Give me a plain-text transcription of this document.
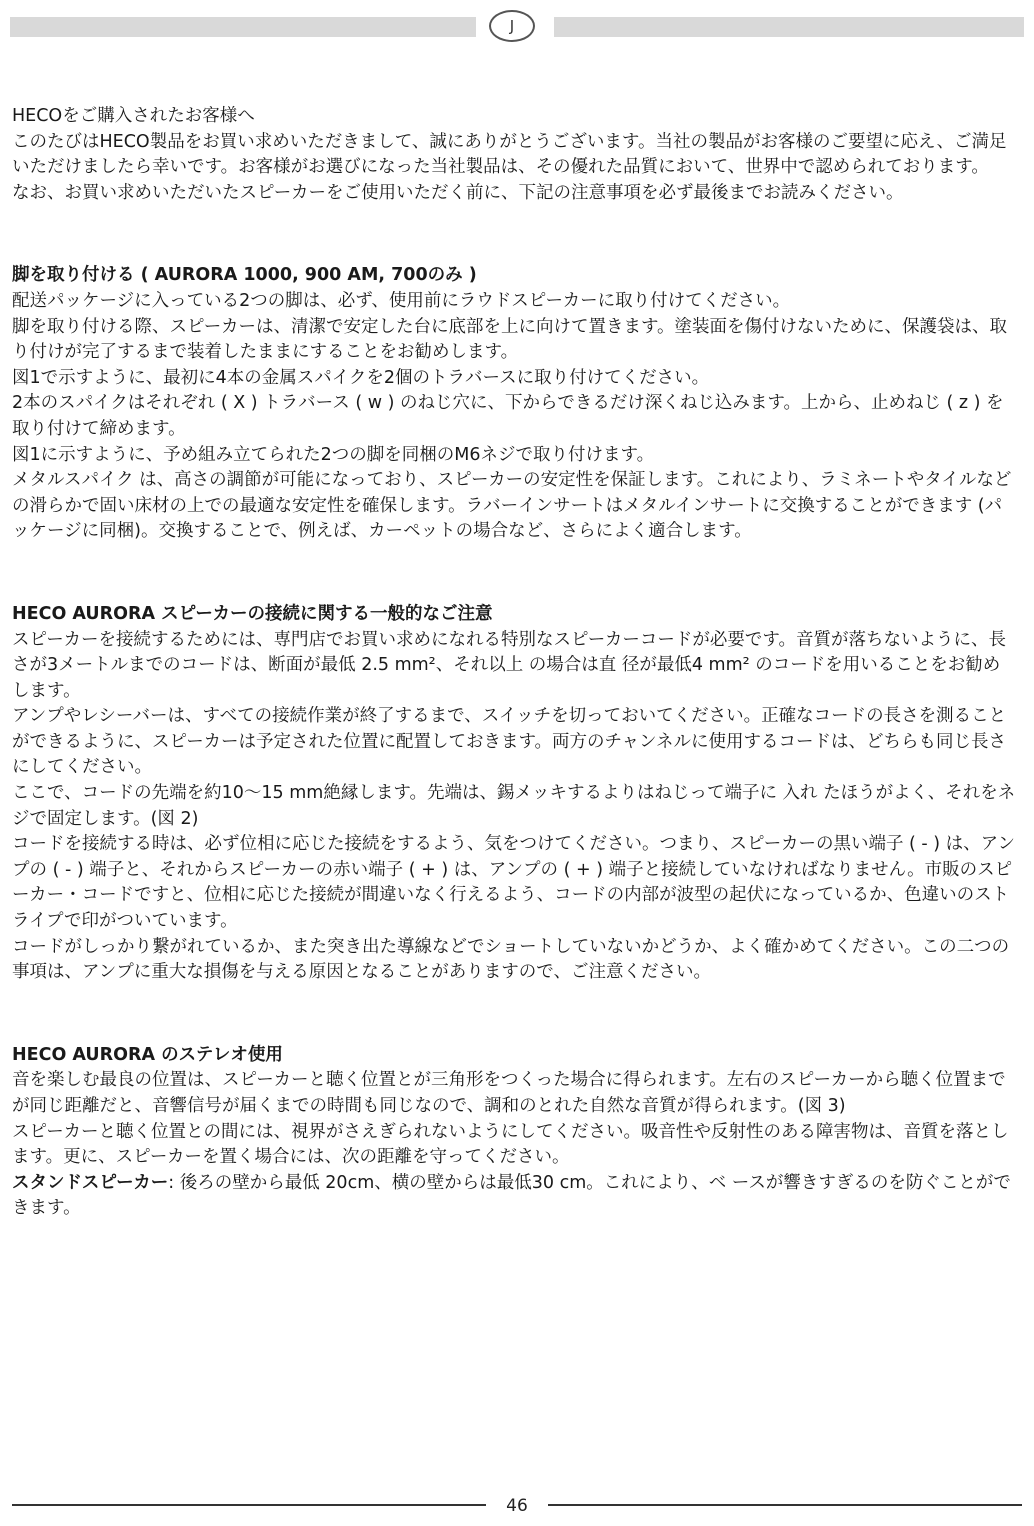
J

HECOをご購入されたお客様へ

このたびはHECO製品をお買い求めいただきまして、誠にありがとうございます。当社の製品がお客様のご要望に応え、ご満足いただけましたら幸いです。お客様がお選びになった当社製品は、その優れた品質において、世界中で認められております。

なお、お買い求めいただいたスピーカーをご使用いただく前に、下記の注意事項を必ず最後までお読みください。

脚を取り付ける ( AURORA 1000, 900 AM, 700のみ )

配送パッケージに入っている2つの脚は、必ず、使用前にラウドスピーカーに取り付けてください。

脚を取り付ける際、スピーカーは、清潔で安定した台に底部を上に向けて置きます。塗装面を傷付けないために、保護袋は、取り付けが完了するまで装着したままにすることをお勧めします。

図1で示すように、最初に4本の金属スパイクを2個のトラバースに取り付けてください。

2本のスパイクはそれぞれ ( X ) トラバース ( w ) のねじ穴に、下からできるだけ深くねじ込みます。上から、止めねじ ( z ) を取り付けて締めます。

図1に示すように、予め組み立てられた2つの脚を同梱のM6ネジで取り付けます。

メタルスパイク は、高さの調節が可能になっており、スピーカーの安定性を保証します。これにより、ラミネートやタイルなどの滑らかで固い床材の上での最適な安定性を確保します。ラバーインサートはメタルインサートに交換することができます (パッケージに同梱)。交換することで、例えば、カーペットの場合など、さらによく適合します。

HECO AURORA スピーカーの接続に関する一般的なご注意

スピーカーを接続するためには、専門店でお買い求めになれる特別なスピーカーコードが必要です。音質が落ちないように、長さが3メートルまでのコードは、断面が最低 2.5 mm²、それ以上 の場合は直 径が最低4 mm² のコードを用いることをお勧めします。

アンプやレシーバーは、すべての接続作業が終了するまで、スイッチを切っておいてください。正確なコードの長さを測ることができるように、スピーカーは予定された位置に配置しておきます。両方のチャンネルに使用するコードは、どちらも同じ長さにしてください。

ここで、コードの先端を約10～15 mm絶縁します。先端は、錫メッキするよりはねじって端子に 入れ たほうがよく、それをネジで固定します。(図 2)

コードを接続する時は、必ず位相に応じた接続をするよう、気をつけてください。つまり、スピーカーの黒い端子 ( - ) は、アンプの ( - ) 端子と、それからスピーカーの赤い端子 ( + ) は、アンプの ( + ) 端子と接続していなければなりません。市販のスピーカー・コードですと、位相に応じた接続が間違いなく行えるよう、コードの内部が波型の起伏になっているか、色違いのストライプで印がついています。

コードがしっかり繋がれているか、また突き出た導線などでショートしていないかどうか、よく確かめてください。この二つの事項は、アンプに重大な損傷を与える原因となることがありますので、ご注意ください。

HECO AURORA のステレオ使用

音を楽しむ最良の位置は、スピーカーと聴く位置とが三角形をつくった場合に得られます。左右のスピーカーから聴く位置までが同じ距離だと、音響信号が届くまでの時間も同じなので、調和のとれた自然な音質が得られます。(図 3)

スピーカーと聴く位置との間には、視界がさえぎられないようにしてください。吸音性や反射性のある障害物は、音質を落とします。更に、スピーカーを置く場合には、次の距離を守ってください。

スタンドスピーカー: 後ろの壁から最低 20cm、横の壁からは最低30 cm。これにより、ベ ースが響きすぎるのを防ぐことができます。

46
